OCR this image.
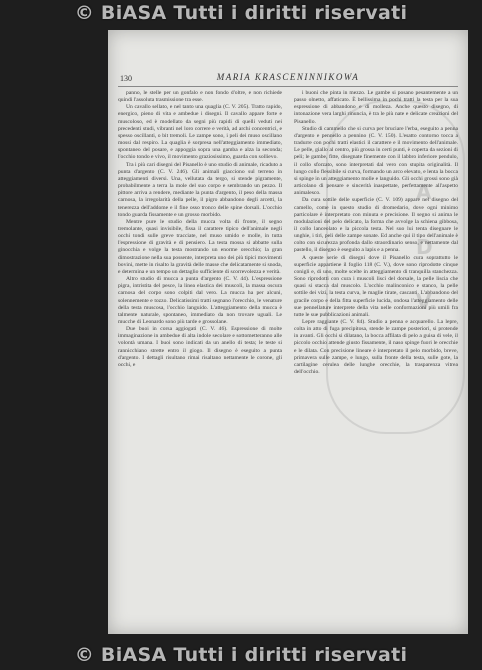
© BiASA Tutti i diritti riservati
A
D
V
130	MARIA KRASCENINNIKOWA

panno, le stelle per un gonfalo e non fondo d'oltre, e non richiede quindi l'assoluta trasmissione tra esse.

Un cavallo sellato, e nel tanto una quaglia (C. V. 205). Tratto rapido, energico, pieno di vita e ambedue i disegni. Il cavallo appare forte e muscoloso, ed è modellato da segni più rapidi di quelli veduti nei precedenti studi, vibranti nel loro correre e verità, ad archi concentrici, e spesso oscillanti, o bit tremoli. Le zampe sono, i peli dei muso oscillano mossi dal respiro. La quaglia è sorpresa nell'atteggiamento immediato, spontaneo del posare, e appoggia sopra una gamba e alza la seconda; l'occhio tondo e vivo, il movimento graziosissimo, guarda con sollievo.

Tra i più cari disegni del Pisanello è uno studio di animale, ricaduto a punta d'argento (C. V. 246). Gli animali giacciono sul terreno in atteggiamenti diversi. Una, vellutata da tergo, si stende pigramente, probabilmente a terra la mole del suo corpo e sembrando un pezzo. Il pittore arriva a rendere, mediante la punta d'argento, il peso della massa carnosa, la irregolarità della pelle, il pigro abbandono degli arcetti, la tenerezza dell'addome e il fine osso tronco delle spine dorsali. L'occhio tondo guarda fissamente e un grosso morbido.

Mentre pure le studio della mucca volta di fronte, il segno tremolante, quasi invisibile, fissa il carattere tipico dell'animale negli occhi tondi sulle greve tracciate, nel muso umido e molle, in tutta l'espressione di gravità e di pensiero. La testa mossa si abbatte sulla ginocchia e volge la testa mostrando un enorme orecchio; la gran dimostrazione nella sua possente, interpreta uno dei più tipici movimenti bovini, mette in risalto la gravità delle masse che delicatamente si snoda, e determina e un tempo un dettaglio sufficiente di scorrevolezza e verità.

Altro studio di mucca a punta d'argento (C. V. 44). L'espressione pigra, intristita del pesce, la linea elastica dei muscoli, la massa oscura carnosa del corpo sono colpiti dal vero. La mucca ha per alcuni, solennemente e tozzo. Delicatissimi tratti segnano l'orecchio, le venature della testa muscosa, l'occhio languido. L'atteggiamento della mucca è talmente naturale, spontaneo, immediato da non trovare uguali. Le mucche di Leonardo sono più tarde e grossolane.

Due buoi in corsa aggiogati (C. V. 46). Espressione di molte immaginazione in ambedue di alta indole secolare e sottometteranno alle volontà umana. I buoi sono indicati da un anello di testa; le teste si rannicchiano strette entro il giogo. Il disegno è eseguito a punta d'argento. I dettagli risultano rimai risaltano nettamente le corone, gli occhi, e

i buoni che pinta in mezzo. Le gambe si posano pesantemente a un passo olnetto, affaticato. È bellissima in pochi tratti la testa per la sua espressione di abbandono e di molleza. Anche questo disegno, di intonazione vera larghi rinuncia, è tra le più nate e delicate creazioni del Pisanello.

Studio di cammello che si curva per bruciare l'erba, eseguito a penna d'argento e pennello a pennino (C. V. 150). L'esatto contorno tocca a tradurre con pochi tratti elastici il carattere e il movimento dell'animale. Le pelle, giallo al centro, più grossa in certi punti, è coperta da sezioni di peli; le gambe, fitte, disegnate finemente con il labbro inferiore pendulo, il collo sforzato, sono interpretati dal vero con stupita originalità. Il lungo collo flessibile si curva, formando un arco elevato, e lenta la bocca si spinge in un atteggiamento molle e languido. Gli occhi grossi sono già articolano di pensare e sincerità inaspettate, perfettamente all'aspetto animalesco.

Da cura sottile delle superficie (C. V. 109) appare nel disegno del camello, come in questo studio di dromedario, dove ogni minimo particolare è interpretato con minuta e precisione. Il segno si anima le modulazioni del pelo delicato, la forma che avvolge la schiena gibbosa, il collo lanceolato e la piccola testa. Nel suo lui tenta disegnare le unghie, i tiri, peli delle zampe sonate. Ed anche qui il tipo dell'animale è colto con sicurezza profonda dallo straordinario senso, e nettamente dal pastello, il disegno è eseguito a lapis e a penna.

A queste serie di disegni dove il Pisanello cura soprattutto le superficie appartiene il foglio 118 (C. V.), dove sono riprodotte cinque conigli e, di uno, molte scelte in atteggiamento di tranquilla stanchezza. Sono riprodotti con cura i muscoli lisci del dorsale, la pelle liscia che quasi si stacca dal muscolo. L'occhio malinconico e stanco, la pelle sottile dei vizi, la testa curva, le maglie tirate, cascanti. L'abbandono del gracile corpo e della fitta superficie lucida, ondosa l'atteggiamento delle sue pennellature interprete della vita nelle conformazioni più umili fra tutte le sue pubblicazioni animali.

Lepre raggiante (C. V. 84). Studio a penna e acquarello. La lepre, colta in atto di fuga precipitosa, stende le zampe posteriori, si protende in avanti. Gli occhi si dilatano, la bocca affilata di pelo a guisa di vele, il piccolo occhio attende giusto fissamente, il naso spinge fuori le orecchie e le dilata. Con precisione lineare è interpretato il pelo morbido, breve, primavera sulle zampe, e lungo, sulla fronte della testa, sulle gote, la cartilagine cerulea delle lunghe orecchie, la trasparenza vitrea dell'occhio.

© BiASA Tutti i diritti riservati
